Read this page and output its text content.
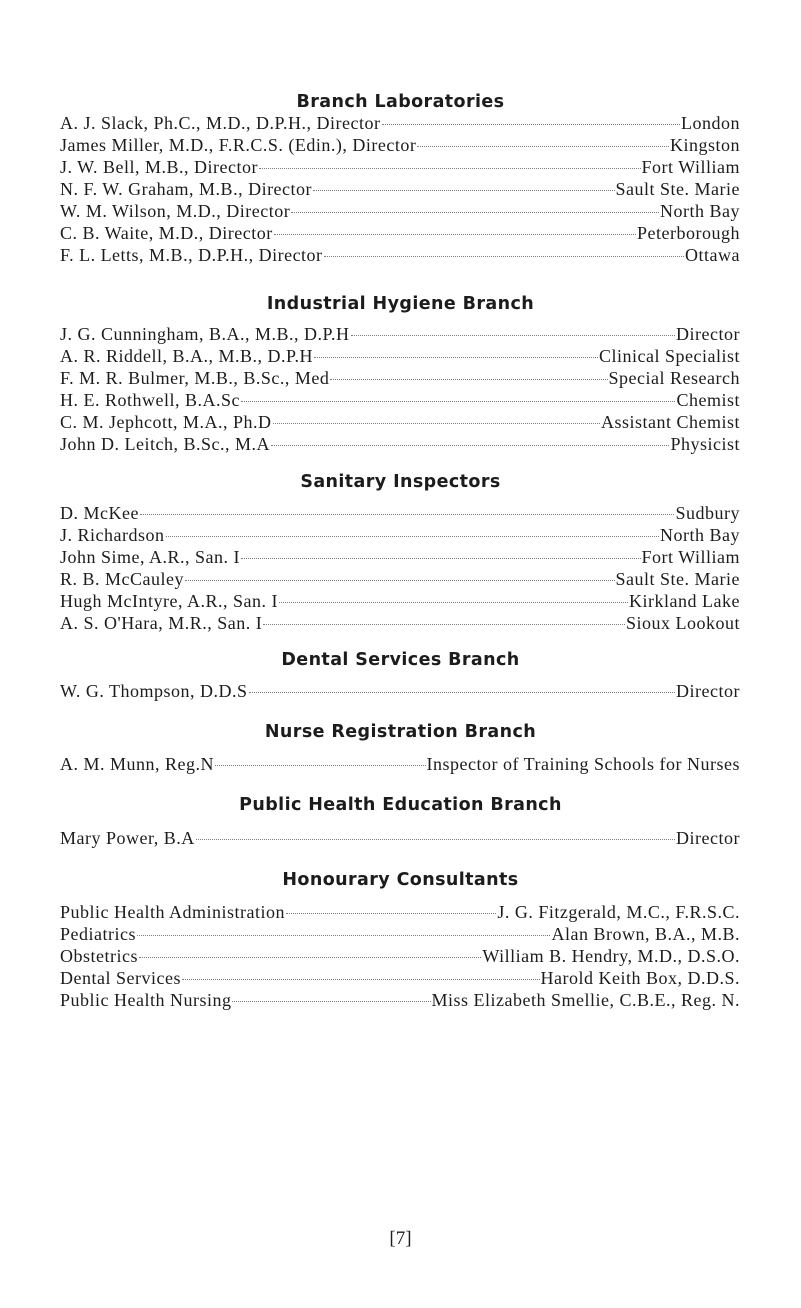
Branch Laboratories
A. J. Slack, Ph.C., M.D., D.P.H., Director	London
James Miller, M.D., F.R.C.S. (Edin.), Director	Kingston
J. W. Bell, M.B., Director	Fort William
N. F. W. Graham, M.B., Director	Sault Ste. Marie
W. M. Wilson, M.D., Director	North Bay
C. B. Waite, M.D., Director	Peterborough
F. L. Letts, M.B., D.P.H., Director	Ottawa
Industrial Hygiene Branch
J. G. Cunningham, B.A., M.B., D.P.H	Director
A. R. Riddell, B.A., M.B., D.P.H	Clinical Specialist
F. M. R. Bulmer, M.B., B.Sc., Med	Special Research
H. E. Rothwell, B.A.Sc	Chemist
C. M. Jephcott, M.A., Ph.D	Assistant Chemist
John D. Leitch, B.Sc., M.A	Physicist
Sanitary Inspectors
D. McKee	Sudbury
J. Richardson	North Bay
John Sime, A.R., San. I	Fort William
R. B. McCauley	Sault Ste. Marie
Hugh McIntyre, A.R., San. I	Kirkland Lake
A. S. O'Hara, M.R., San. I	Sioux Lookout
Dental Services Branch
W. G. Thompson, D.D.S	Director
Nurse Registration Branch
A. M. Munn, Reg.N	Inspector of Training Schools for Nurses
Public Health Education Branch
Mary Power, B.A	Director
Honourary Consultants
Public Health Administration	J. G. Fitzgerald, M.C., F.R.S.C.
Pediatrics	Alan Brown, B.A., M.B.
Obstetrics	William B. Hendry, M.D., D.S.O.
Dental Services	Harold Keith Box, D.D.S.
Public Health Nursing	Miss Elizabeth Smellie, C.B.E., Reg. N.
[7]
